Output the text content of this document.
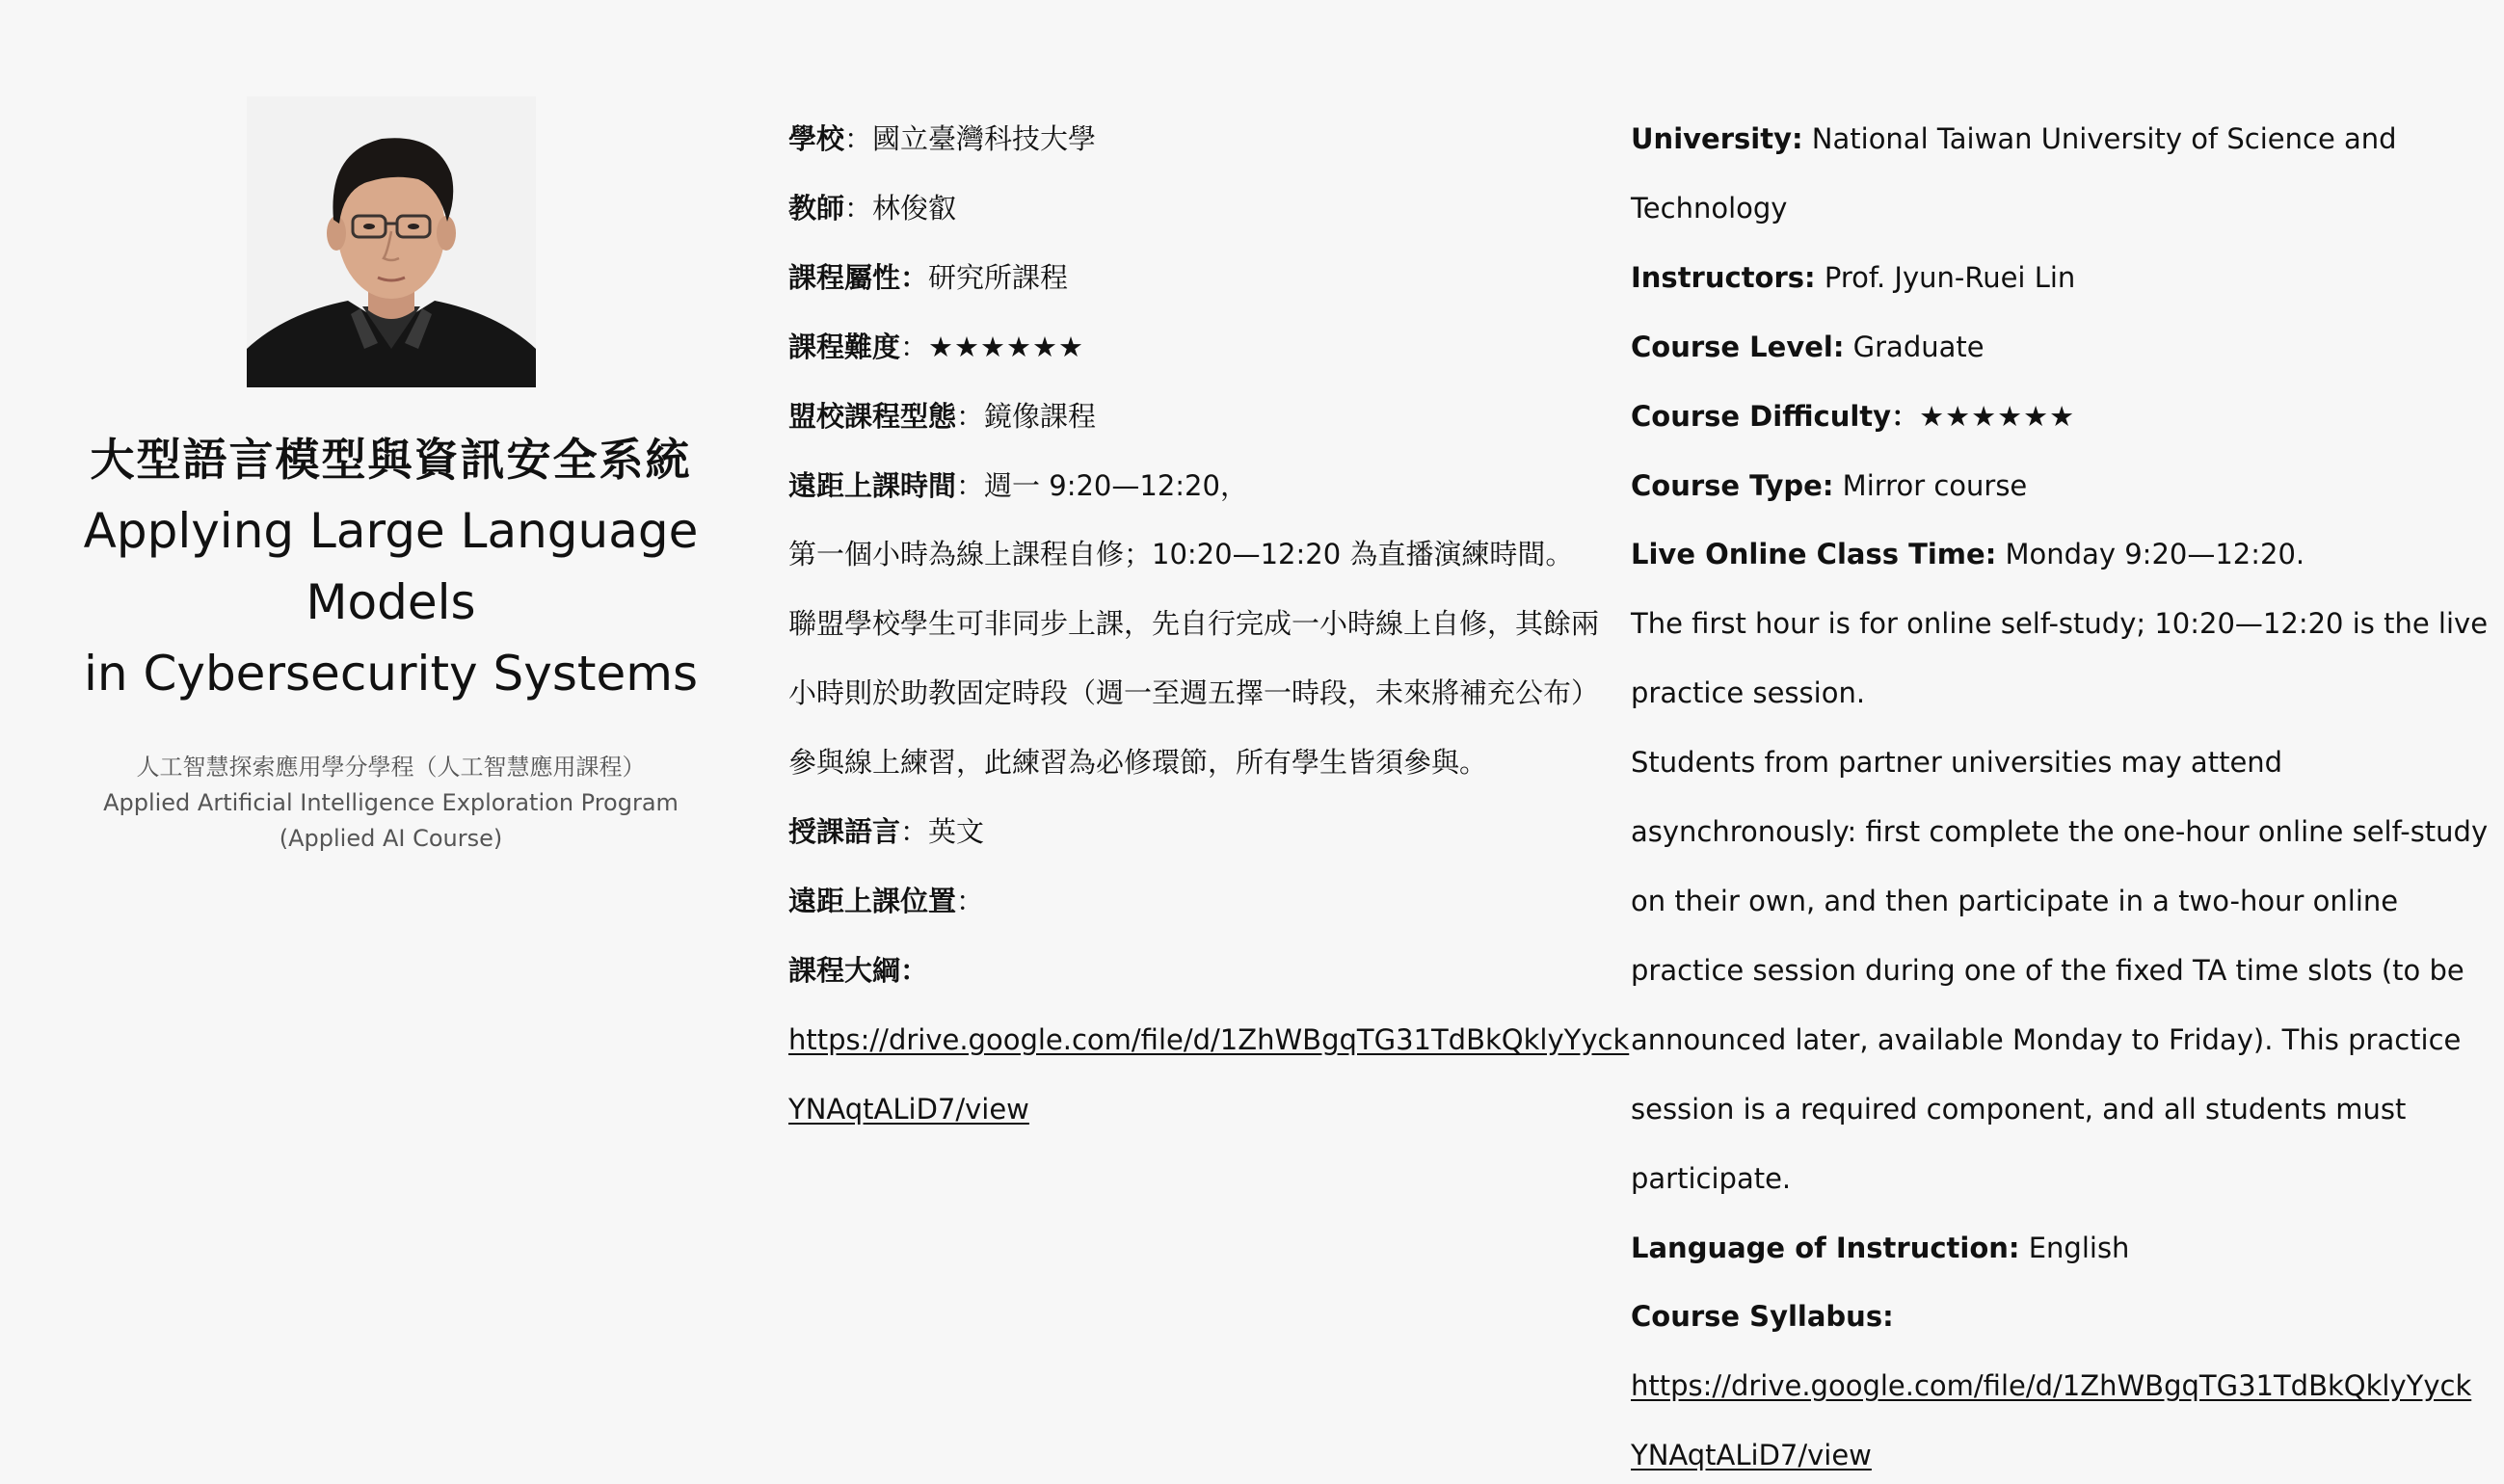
大型語言模型與資訊安全系統
Applying Large Language Models
in Cybersecurity Systems
人工智慧探索應用學分學程（人工智慧應用課程）
Applied Artificial Intelligence Exploration Program
(Applied AI Course)
學校：國立臺灣科技大學
教師：林俊叡
課程屬性：研究所課程
課程難度：★★★★★★
盟校課程型態：鏡像課程
遠距上課時間：週一 9:20—12:20，
第一個小時為線上課程自修；10:20—12:20 為直播演練時間。
聯盟學校學生可非同步上課，先自行完成一小時線上自修，其餘兩
小時則於助教固定時段（週一至週五擇一時段，未來將補充公布）
參與線上練習，此練習為必修環節，所有學生皆須參與。
授課語言：英文
遠距上課位置：
課程大綱：
https://drive.google.com/file/d/1ZhWBgqTG31TdBkQklyYyck
YNAqtALiD7/view
University: National Taiwan University of Science and
Technology
Instructors: Prof. Jyun-Ruei Lin
Course Level: Graduate
Course Difficulty：★★★★★★
Course Type: Mirror course
Live Online Class Time: Monday 9:20—12:20.
The first hour is for online self-study; 10:20—12:20 is the live
practice session.
Students from partner universities may attend
asynchronously: first complete the one-hour online self-study
on their own, and then participate in a two-hour online
practice session during one of the fixed TA time slots (to be
announced later, available Monday to Friday). This practice
session is a required component, and all students must
participate.
Language of Instruction: English
Course Syllabus:
https://drive.google.com/file/d/1ZhWBgqTG31TdBkQklyYyck
YNAqtALiD7/view
